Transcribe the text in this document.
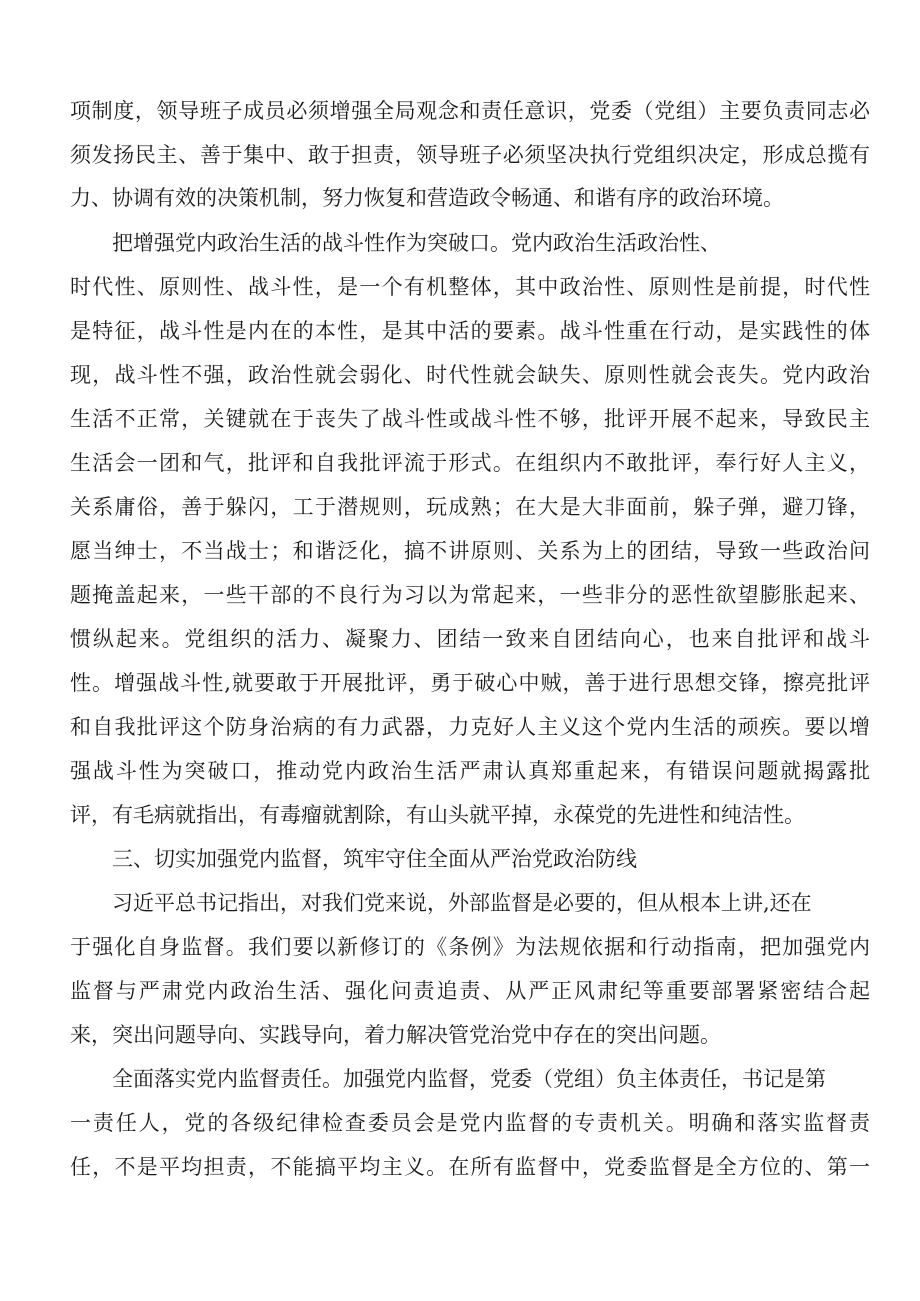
项制度，领导班子成员必须增强全局观念和责任意识，党委（党组）主要负责同志必
须发扬民主、善于集中、敢于担责，领导班子必须坚决执行党组织决定，形成总揽有
力、协调有效的决策机制，努力恢复和营造政令畅通、和谐有序的政治环境。
把增强党内政治生活的战斗性作为突破口。党内政治生活政治性、
时代性、原则性、战斗性，是一个有机整体，其中政治性、原则性是前提，时代性
是特征，战斗性是内在的本性，是其中活的要素。战斗性重在行动，是实践性的体
现，战斗性不强，政治性就会弱化、时代性就会缺失、原则性就会丧失。党内政治
生活不正常，关键就在于丧失了战斗性或战斗性不够，批评开展不起来，导致民主
生活会一团和气，批评和自我批评流于形式。在组织内不敢批评，奉行好人主义，
关系庸俗，善于躲闪，工于潜规则，玩成熟；在大是大非面前，躲子弹，避刀锋，
愿当绅士，不当战士；和谐泛化，搞不讲原则、关系为上的团结，导致一些政治问
题掩盖起来，一些干部的不良行为习以为常起来，一些非分的恶性欲望膨胀起来、
惯纵起来。党组织的活力、凝聚力、团结一致来自团结向心，也来自批评和战斗
性。增强战斗性,就要敢于开展批评，勇于破心中贼，善于进行思想交锋，擦亮批评
和自我批评这个防身治病的有力武器，力克好人主义这个党内生活的顽疾。要以增
强战斗性为突破口，推动党内政治生活严肃认真郑重起来，有错误问题就揭露批
评，有毛病就指出，有毒瘤就割除，有山头就平掉，永葆党的先进性和纯洁性。
三、切实加强党内监督，筑牢守住全面从严治党政治防线
习近平总书记指出，对我们党来说，外部监督是必要的，但从根本上讲,还在
于强化自身监督。我们要以新修订的《条例》为法规依据和行动指南，把加强党内
监督与严肃党内政治生活、强化问责追责、从严正风肃纪等重要部署紧密结合起
来，突出问题导向、实践导向，着力解决管党治党中存在的突出问题。
全面落实党内监督责任。加强党内监督，党委（党组）负主体责任，书记是第
一责任人，党的各级纪律检查委员会是党内监督的专责机关。明确和落实监督责
任，不是平均担责，不能搞平均主义。在所有监督中，党委监督是全方位的、第一
